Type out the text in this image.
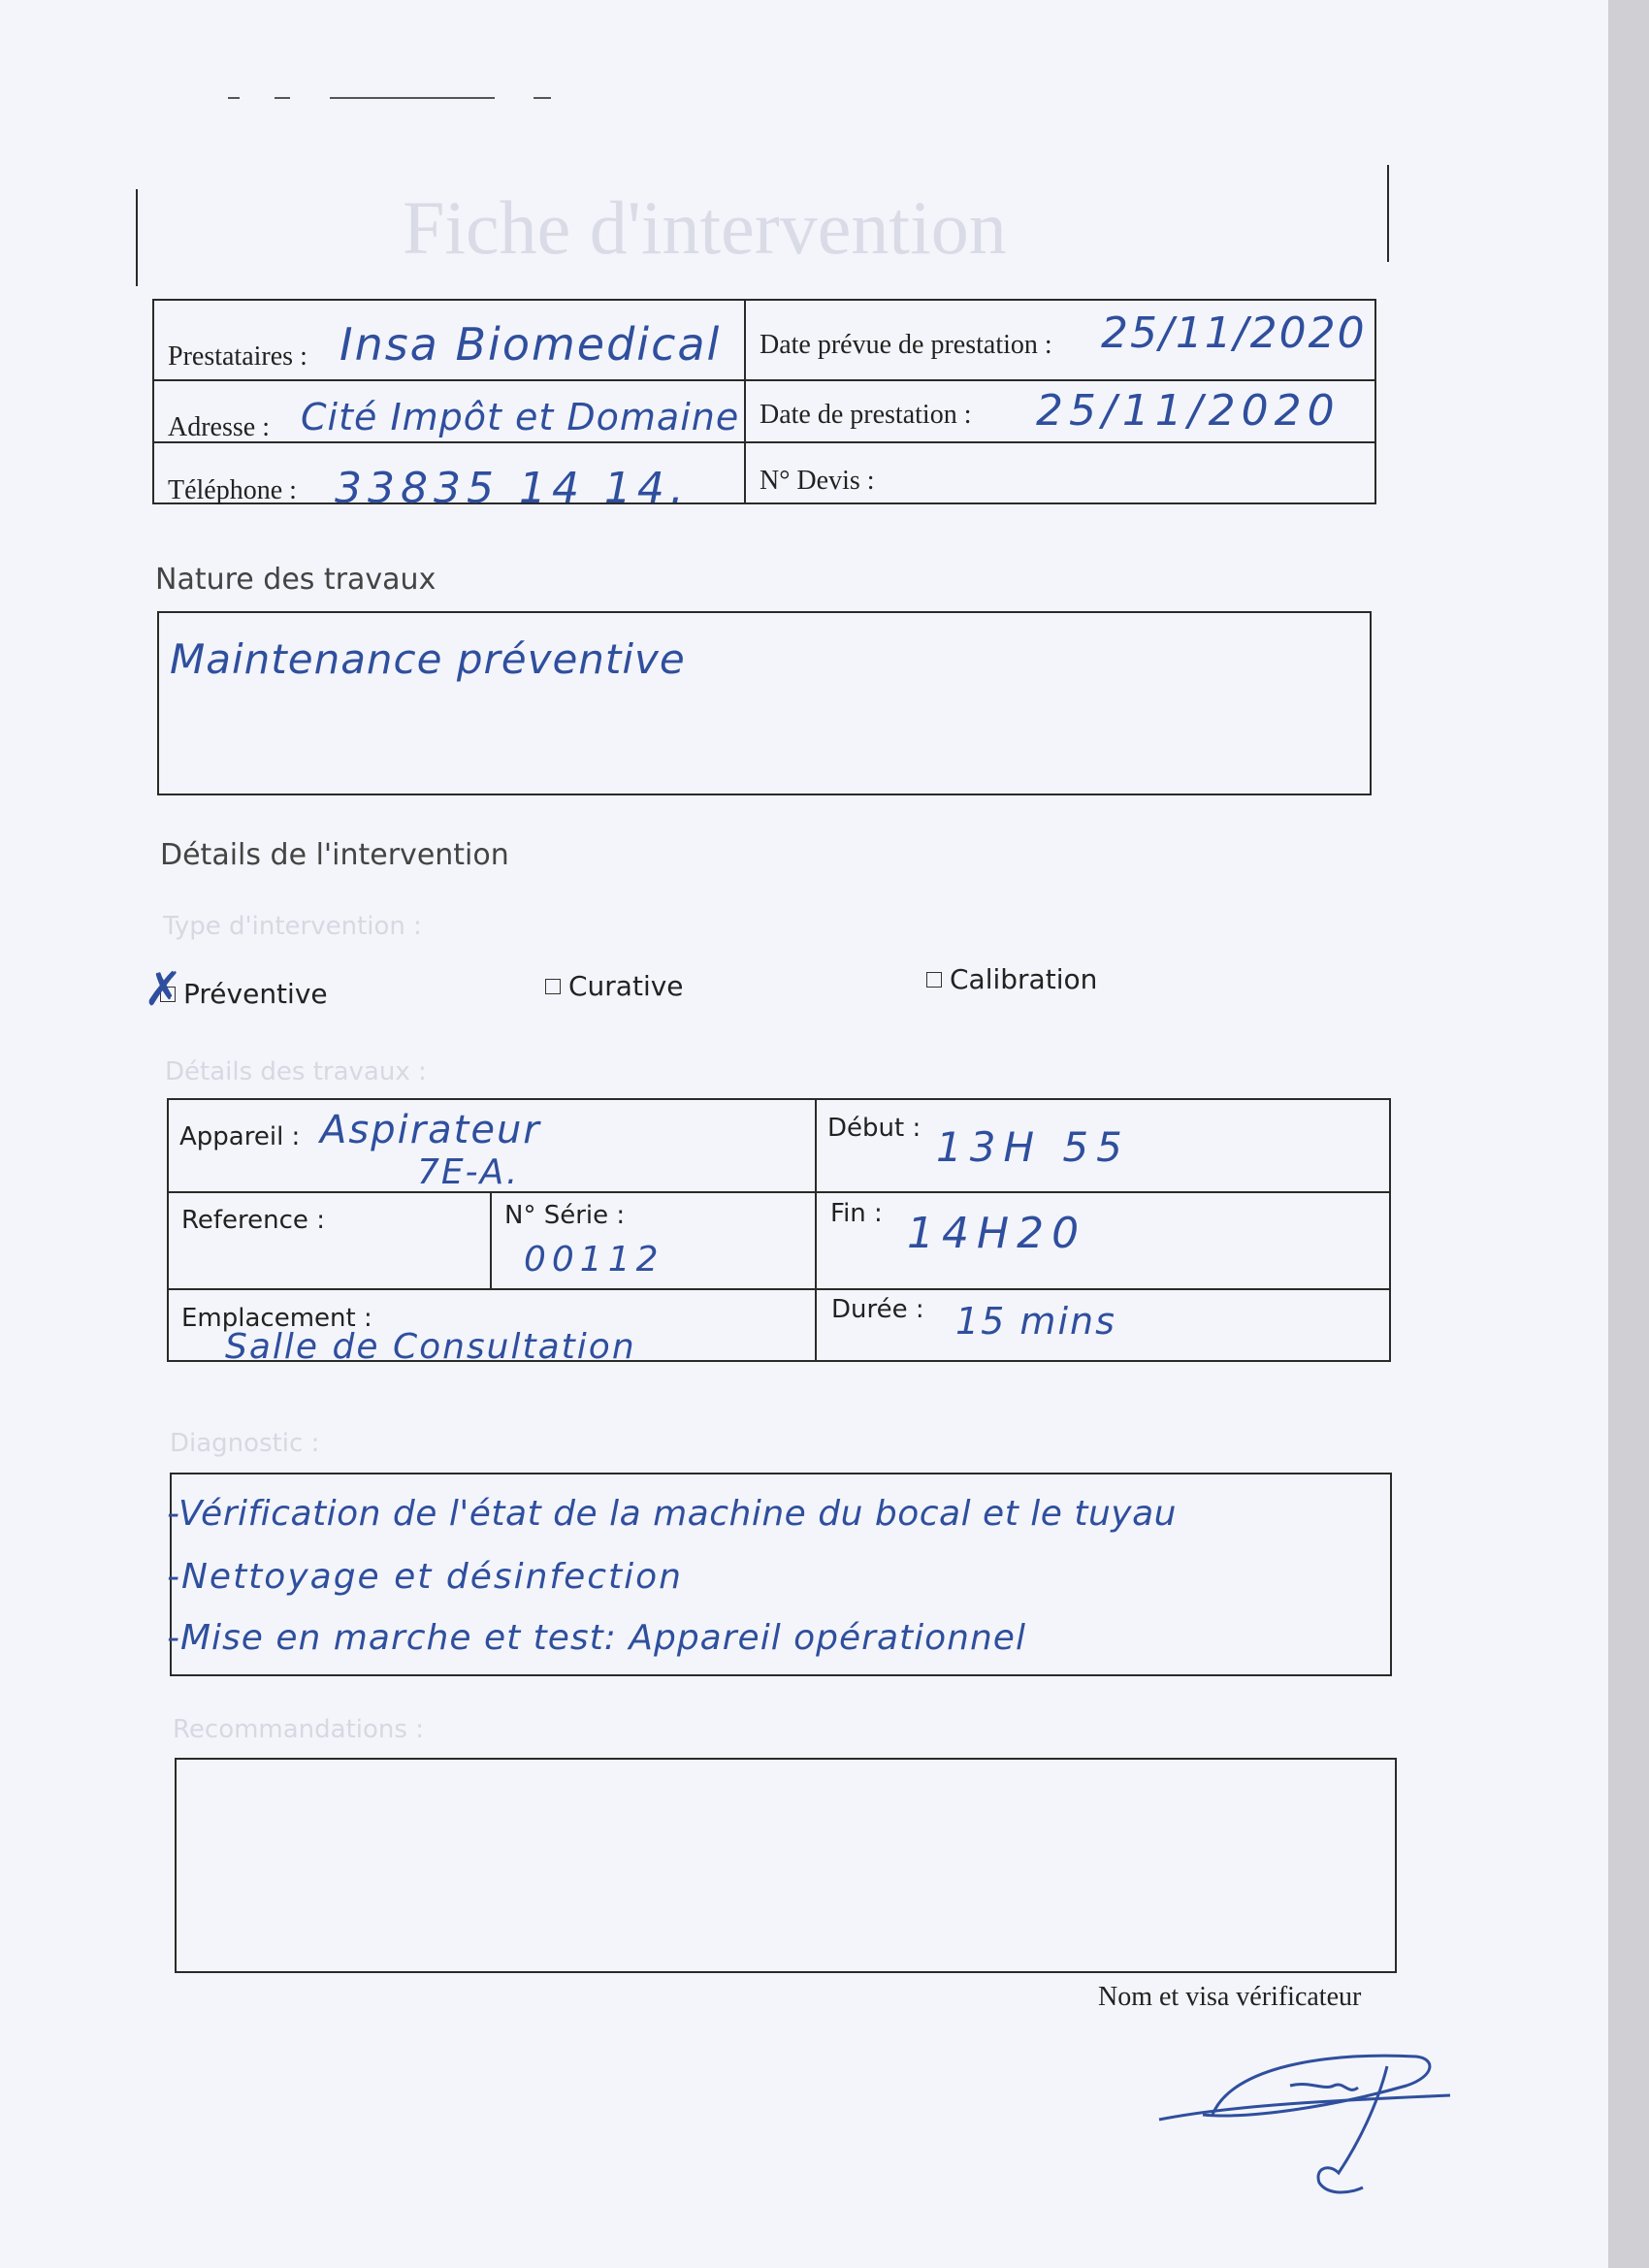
Fiche d'intervention
Prestataires : Insa Biomedical Date prévue de prestation : 25/11/2020
Adresse : Cité Impôt et Domaine Date de prestation : 25/11/2020
Téléphone : 33835 14 14.	N° Devis :
Nature des travaux
Maintenance préventive
Détails de l'intervention
Type d'intervention :
✗ Préventive	Curative	Calibration
Détails des travaux :
Appareil : Aspirateur
7E-A.
Début : 13H 55
Reference :	N° Série :
00112
Fin : 14H20
Emplacement :
Salle de Consultation
Durée : 15 mins
Diagnostic :
-Vérification de l'état de la machine du bocal et le tuyau
-Nettoyage et désinfection
-Mise en marche et test: Appareil opérationnel
Recommandations :
Nom et visa vérificateur
